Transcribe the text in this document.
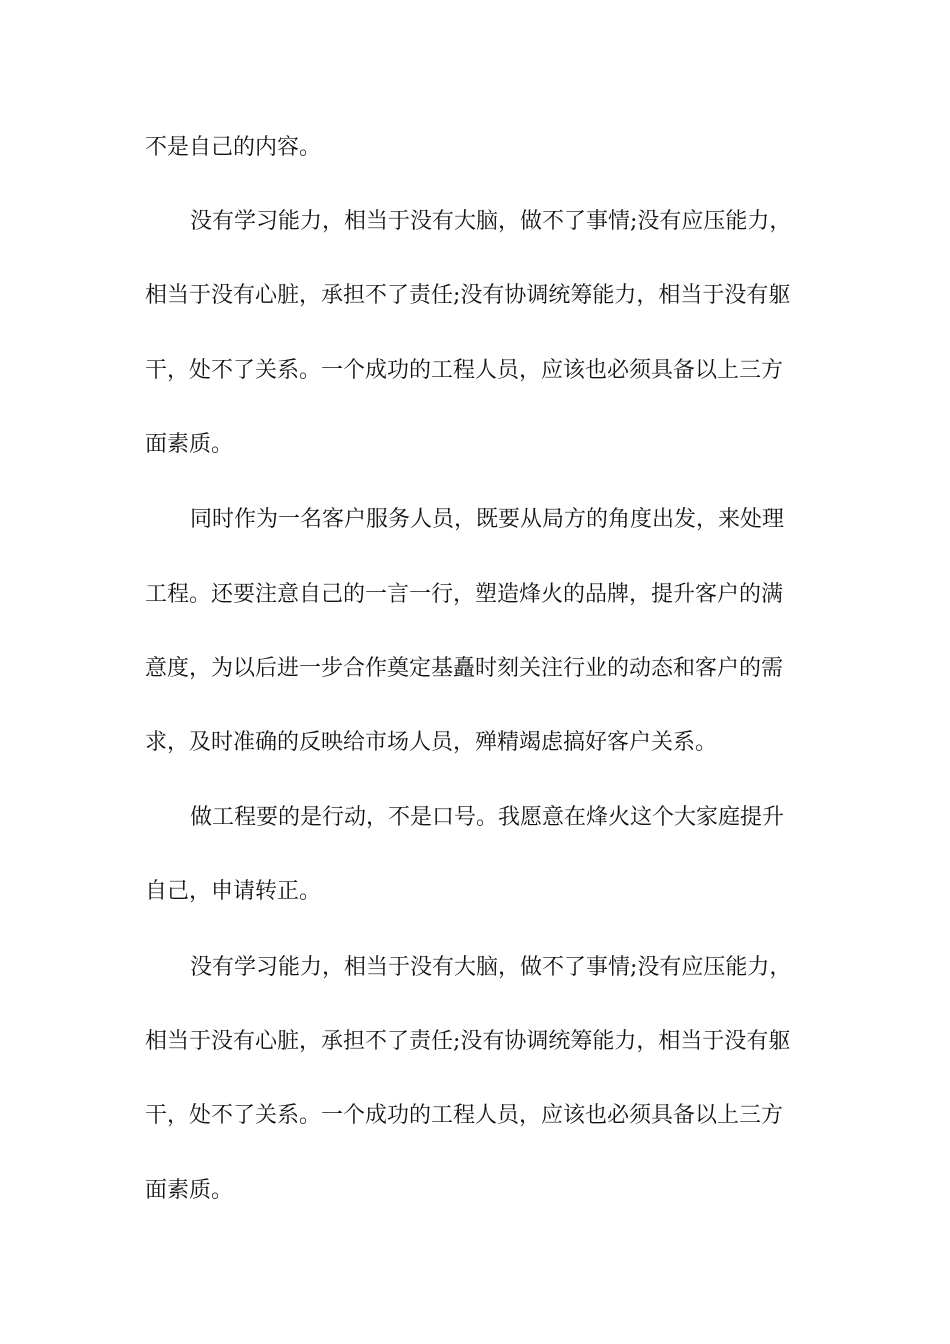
不是自己的内容。
没有学习能力，相当于没有大脑，做不了事情;没有应压能力，
相当于没有心脏，承担不了责任;没有协调统筹能力，相当于没有躯
干，处不了关系。一个成功的工程人员，应该也必须具备以上三方
面素质。
同时作为一名客户服务人员，既要从局方的角度出发，来处理
工程。还要注意自己的一言一行，塑造烽火的品牌，提升客户的满
意度，为以后进一步合作奠定基矗时刻关注行业的动态和客户的需
求，及时准确的反映给市场人员，殚精竭虑搞好客户关系。
做工程要的是行动，不是口号。我愿意在烽火这个大家庭提升
自己，申请转正。
没有学习能力，相当于没有大脑，做不了事情;没有应压能力，
相当于没有心脏，承担不了责任;没有协调统筹能力，相当于没有躯
干，处不了关系。一个成功的工程人员，应该也必须具备以上三方
面素质。
